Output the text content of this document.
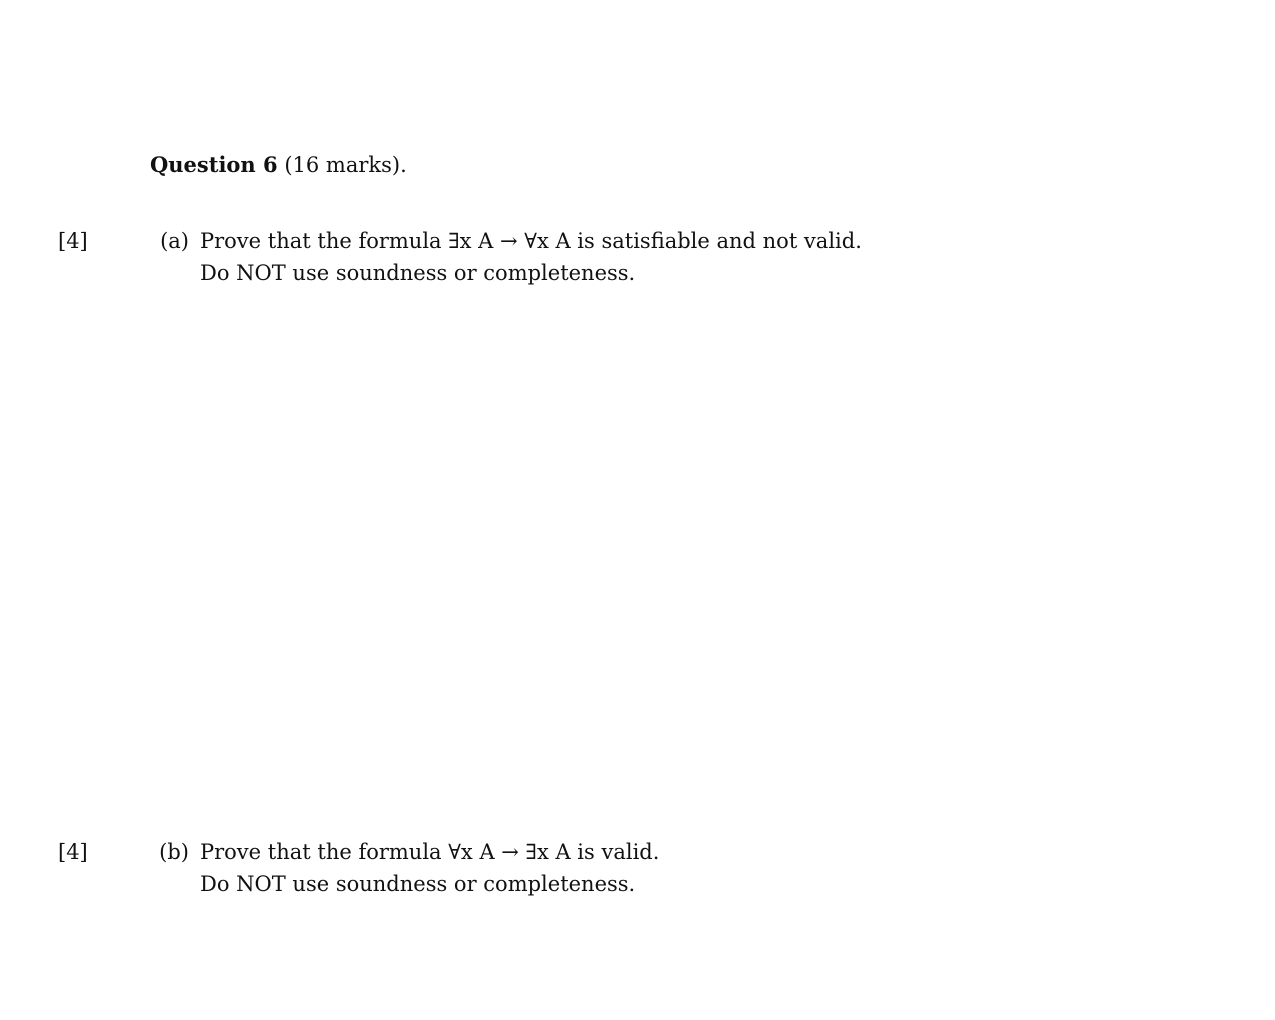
Question 6 (16 marks).
[4]	(a) Prove that the formula ∃x A → ∀x A is satisfiable and not valid.
Do NOT use soundness or completeness.
[4]	(b) Prove that the formula ∀x A → ∃x A is valid.
Do NOT use soundness or completeness.
